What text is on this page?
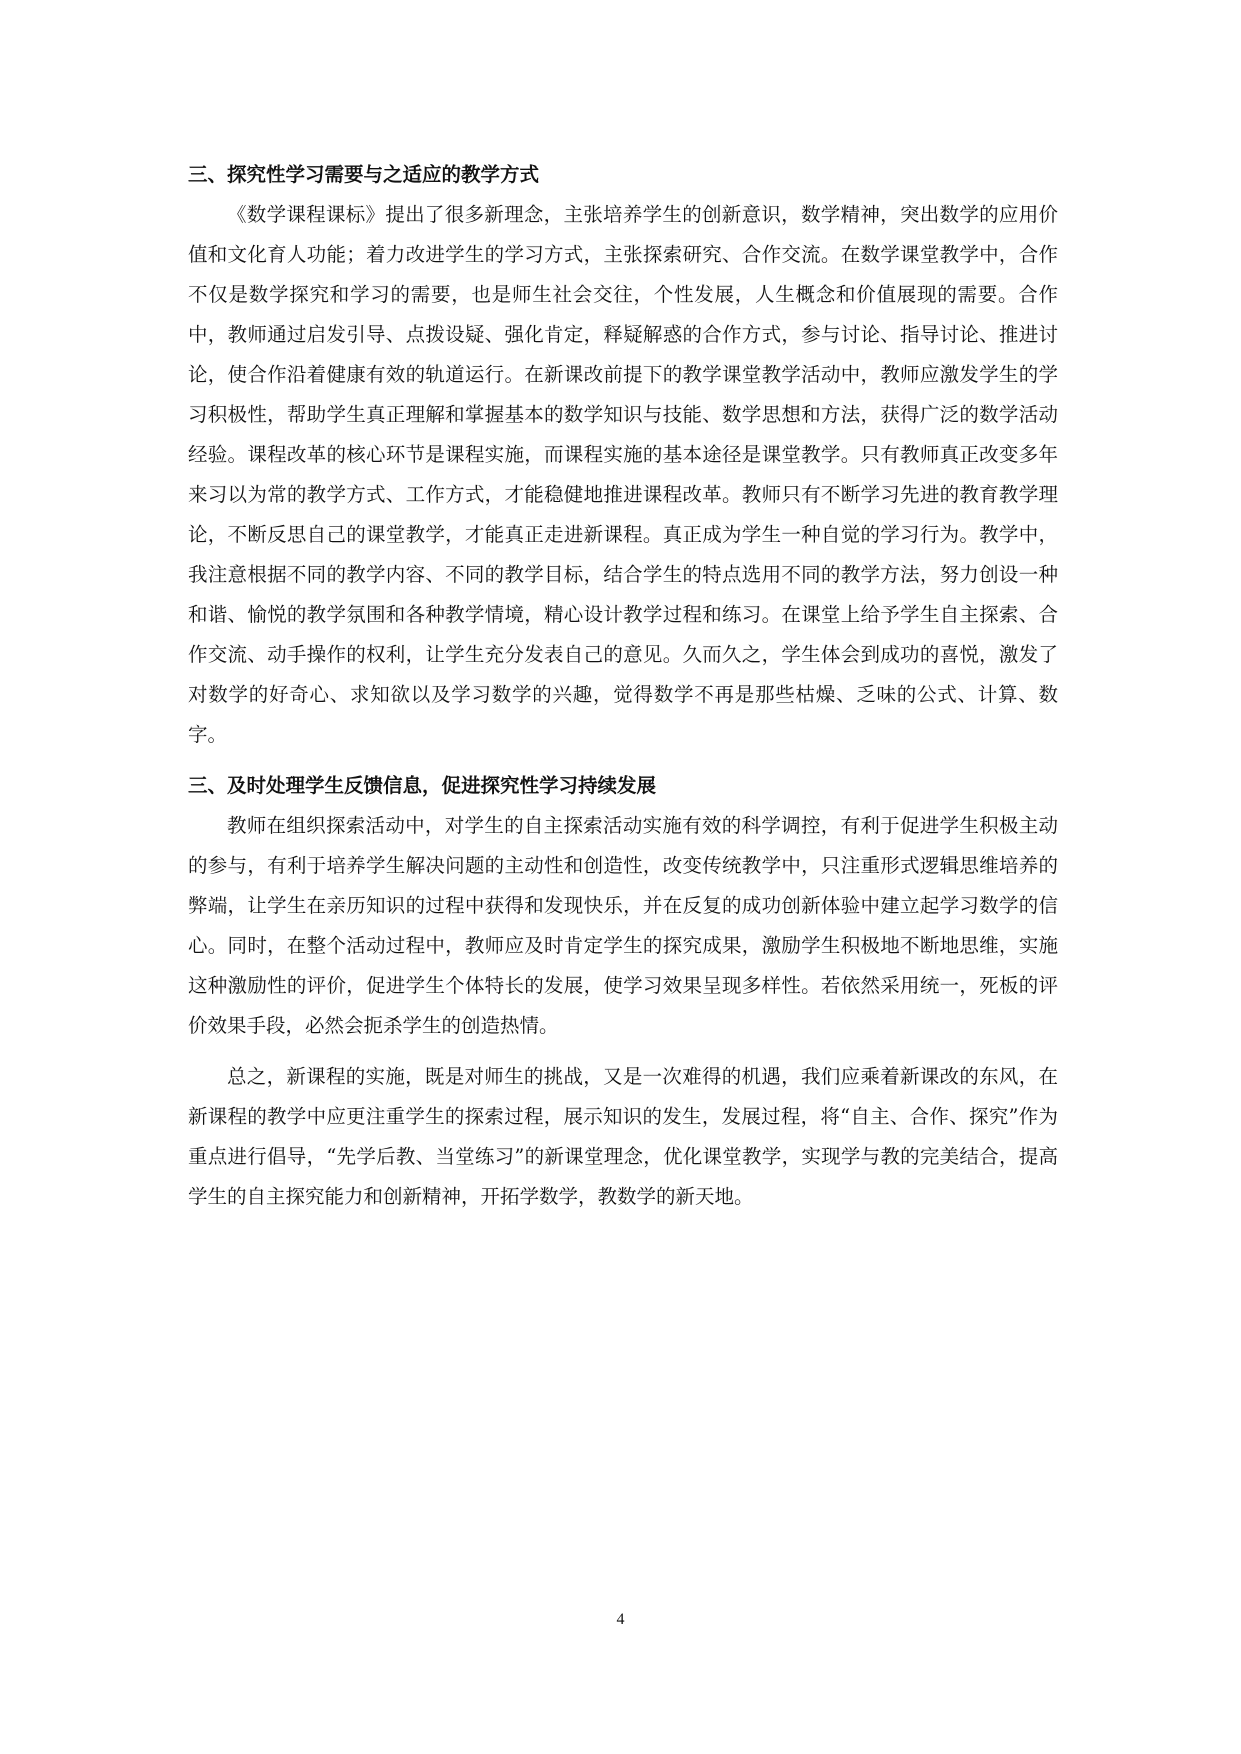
三、探究性学习需要与之适应的教学方式

《数学课程课标》提出了很多新理念，主张培养学生的创新意识，数学精神，突出数学的应用价值和文化育人功能；着力改进学生的学习方式，主张探索研究、合作交流。在数学课堂教学中，合作不仅是数学探究和学习的需要，也是师生社会交往，个性发展，人生概念和价值展现的需要。合作中，教师通过启发引导、点拨设疑、强化肯定，释疑解惑的合作方式，参与讨论、指导讨论、推进讨论，使合作沿着健康有效的轨道运行。在新课改前提下的教学课堂教学活动中，教师应激发学生的学习积极性，帮助学生真正理解和掌握基本的数学知识与技能、数学思想和方法，获得广泛的数学活动经验。课程改革的核心环节是课程实施，而课程实施的基本途径是课堂教学。只有教师真正改变多年来习以为常的教学方式、工作方式，才能稳健地推进课程改革。教师只有不断学习先进的教育教学理论，不断反思自己的课堂教学，才能真正走进新课程。真正成为学生一种自觉的学习行为。教学中，我注意根据不同的教学内容、不同的教学目标，结合学生的特点选用不同的教学方法，努力创设一种和谐、愉悦的教学氛围和各种教学情境，精心设计教学过程和练习。在课堂上给予学生自主探索、合作交流、动手操作的权利，让学生充分发表自己的意见。久而久之，学生体会到成功的喜悦，激发了对数学的好奇心、求知欲以及学习数学的兴趣，觉得数学不再是那些枯燥、乏味的公式、计算、数字。

三、及时处理学生反馈信息，促进探究性学习持续发展

教师在组织探索活动中，对学生的自主探索活动实施有效的科学调控，有利于促进学生积极主动的参与，有利于培养学生解决问题的主动性和创造性，改变传统教学中，只注重形式逻辑思维培养的弊端，让学生在亲历知识的过程中获得和发现快乐，并在反复的成功创新体验中建立起学习数学的信心。同时，在整个活动过程中，教师应及时肯定学生的探究成果，激励学生积极地不断地思维，实施这种激励性的评价，促进学生个体特长的发展，使学习效果呈现多样性。若依然采用统一，死板的评价效果手段，必然会扼杀学生的创造热情。

总之，新课程的实施，既是对师生的挑战，又是一次难得的机遇，我们应乘着新课改的东风，在新课程的教学中应更注重学生的探索过程，展示知识的发生，发展过程，将“自主、合作、探究”作为重点进行倡导，“先学后教、当堂练习”的新课堂理念，优化课堂教学，实现学与教的完美结合，提高学生的自主探究能力和创新精神，开拓学数学，教数学的新天地。

4
